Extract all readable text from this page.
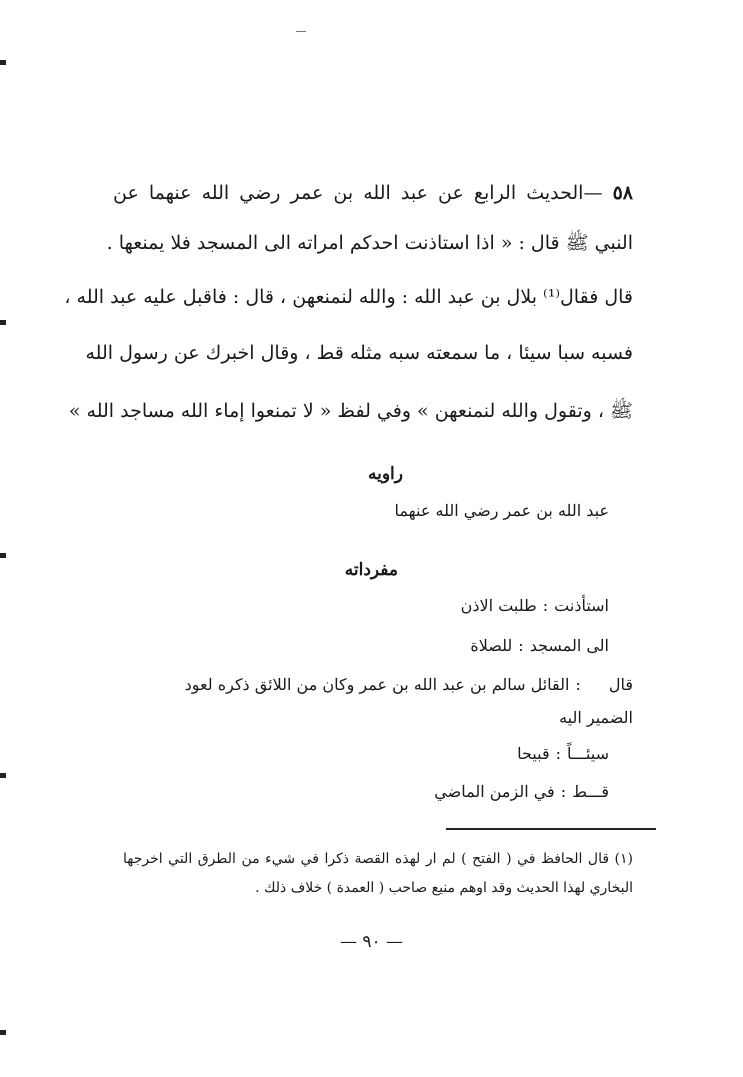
٥٨ —الحديث الرابع عن عبد الله بن عمر رضي الله عنهما عن
النبي ﷺ قال : « اذا استاذنت احدكم امراته الى المسجد فلا يمنعها .
قال فقال⁽¹⁾ بلال بن عبد الله : والله لنمنعهن ، قال : فاقبل عليه عبد الله ،
فسبه سبا سيئا ، ما سمعته سبه مثله قط ، وقال اخبرك عن رسول الله
ﷺ ، وتقول والله لنمنعهن » وفي لفظ « لا تمنعوا إماء الله مساجد الله »
راويه
عبد الله بن عمر رضي الله عنهما
مفرداته
استأذنت:طلبت الاذن
الى المسجد:للصلاة
قال:القائل سالم بن عبد الله بن عمر وكان من اللائق ذكره لعود
الضمير اليه
سيئـــاً:قبيحا
قـــط:في الزمن الماضي
(١) قال الحافظ في ( الفتح ) لم ار لهذه القصة ذكرا في شيء من الطرق التي اخرجها
البخاري لهذا الحديث وقد اوهم منيع صاحب ( العمدة ) خلاف ذلك .
— ٩٠ —
